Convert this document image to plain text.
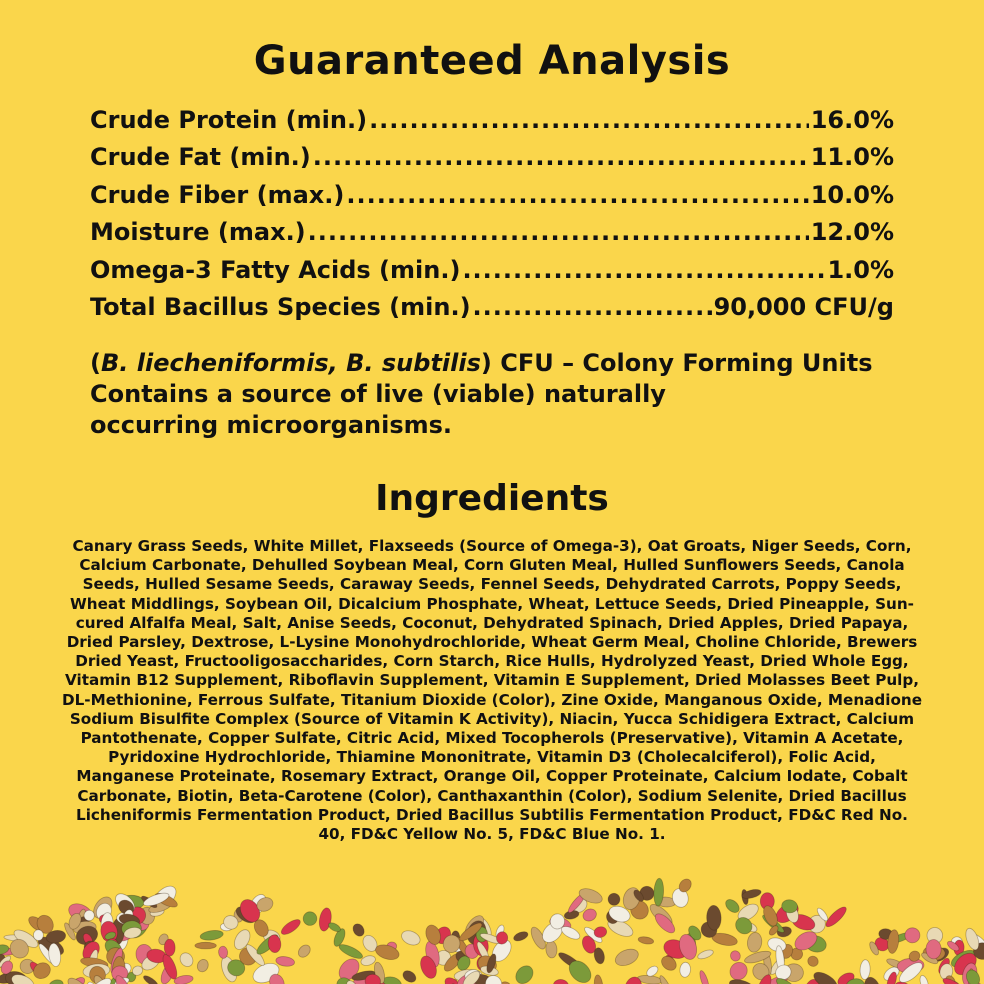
Guaranteed Analysis
Crude Protein (min.) .....	16.0%
Crude Fat (min.) .....	11.0%
Crude Fiber (max.) .....	10.0%
Moisture (max.) .....	12.0%
Omega-3 Fatty Acids (min.) .....	1.0%
Total Bacillus Species (min.) .....	90,000 CFU/g

(B. liecheniformis, B. subtilis) CFU – Colony Forming Units

Contains a source of live (viable) naturally

occurring microorganisms.

Ingredients

Canary Grass Seeds, White Millet, Flaxseeds (Source of Omega-3), Oat Groats, Niger Seeds, Corn, Calcium Carbonate, Dehulled Soybean Meal, Corn Gluten Meal, Hulled Sunflowers Seeds, Canola Seeds, Hulled Sesame Seeds, Caraway Seeds, Fennel Seeds, Dehydrated Carrots, Poppy Seeds, Wheat Middlings, Soybean Oil, Dicalcium Phosphate, Wheat, Lettuce Seeds, Dried Pineapple, Sun-cured Alfalfa Meal, Salt, Anise Seeds, Coconut, Dehydrated Spinach, Dried Apples, Dried Papaya, Dried Parsley, Dextrose, L-Lysine Monohydrochloride, Wheat Germ Meal, Choline Chloride, Brewers Dried Yeast, Fructooligosaccharides, Corn Starch, Rice Hulls, Hydrolyzed Yeast, Dried Whole Egg, Vitamin B12 Supplement, Riboflavin Supplement, Vitamin E Supplement, Dried Molasses Beet Pulp, DL-Methionine, Ferrous Sulfate, Titanium Dioxide (Color), Zine Oxide, Manganous Oxide, Menadione Sodium Bisulfite Complex (Source of Vitamin K Activity), Niacin, Yucca Schidigera Extract, Calcium Pantothenate, Copper Sulfate, Citric Acid, Mixed Tocopherols (Preservative), Vitamin A Acetate, Pyridoxine Hydrochloride, Thiamine Mononitrate, Vitamin D3 (Cholecalciferol), Folic Acid, Manganese Proteinate, Rosemary Extract, Orange Oil, Copper Proteinate, Calcium Iodate, Cobalt Carbonate, Biotin, Beta-Carotene (Color), Canthaxanthin (Color), Sodium Selenite, Dried Bacillus Licheniformis Fermentation Product, Dried Bacillus Subtilis Fermentation Product, FD&C Red No. 40, FD&C Yellow No. 5, FD&C Blue No. 1.
